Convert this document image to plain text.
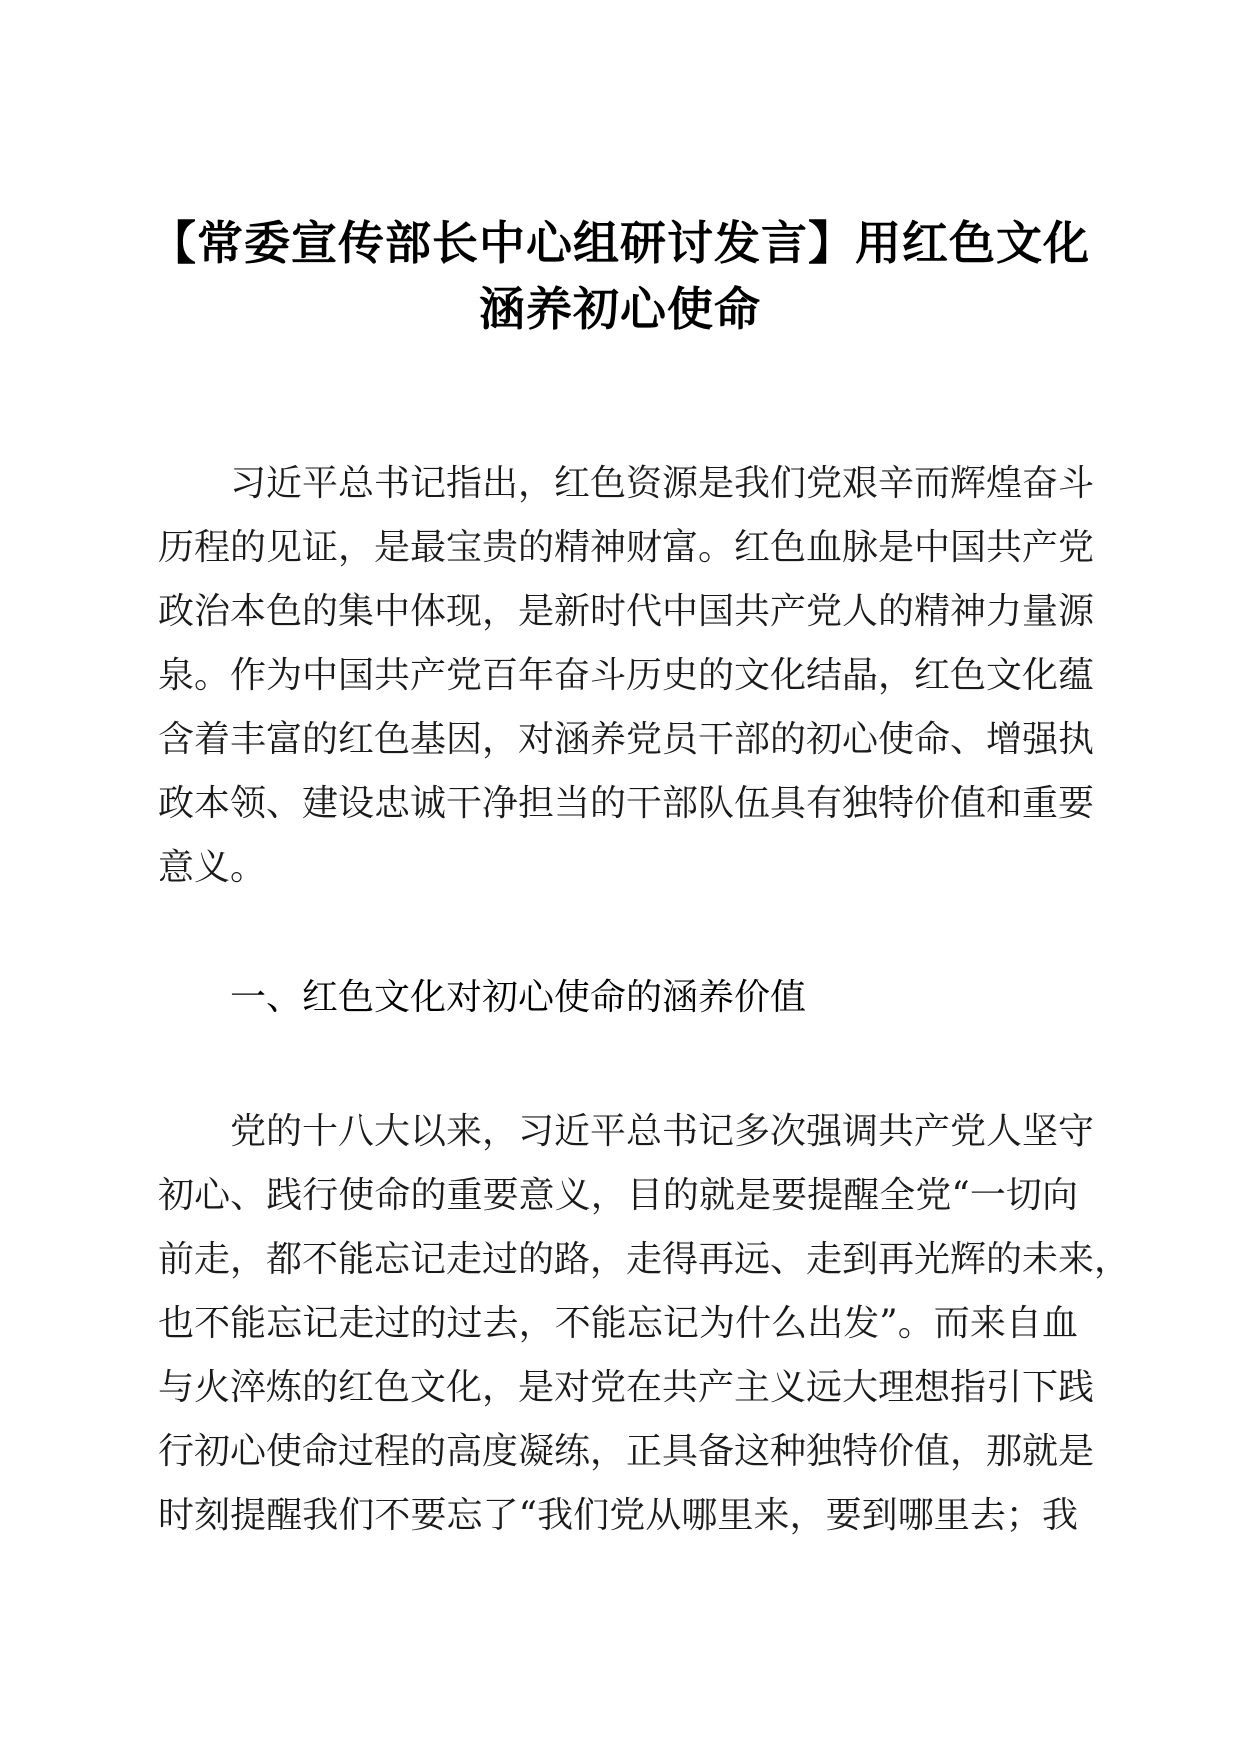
【常委宣传部长中心组研讨发言】用红色文化
涵养初心使命
习近平总书记指出，红色资源是我们党艰辛而辉煌奋斗
历程的见证，是最宝贵的精神财富。红色血脉是中国共产党
政治本色的集中体现，是新时代中国共产党人的精神力量源
泉。作为中国共产党百年奋斗历史的文化结晶，红色文化蕴
含着丰富的红色基因，对涵养党员干部的初心使命、增强执
政本领、建设忠诚干净担当的干部队伍具有独特价值和重要
意义。
一、红色文化对初心使命的涵养价值
党的十八大以来，习近平总书记多次强调共产党人坚守
初心、践行使命的重要意义，目的就是要提醒全党“一切向
前走，都不能忘记走过的路，走得再远、走到再光辉的未来，
也不能忘记走过的过去，不能忘记为什么出发”。而来自血
与火淬炼的红色文化，是对党在共产主义远大理想指引下践
行初心使命过程的高度凝练，正具备这种独特价值，那就是
时刻提醒我们不要忘了“我们党从哪里来，要到哪里去；我
